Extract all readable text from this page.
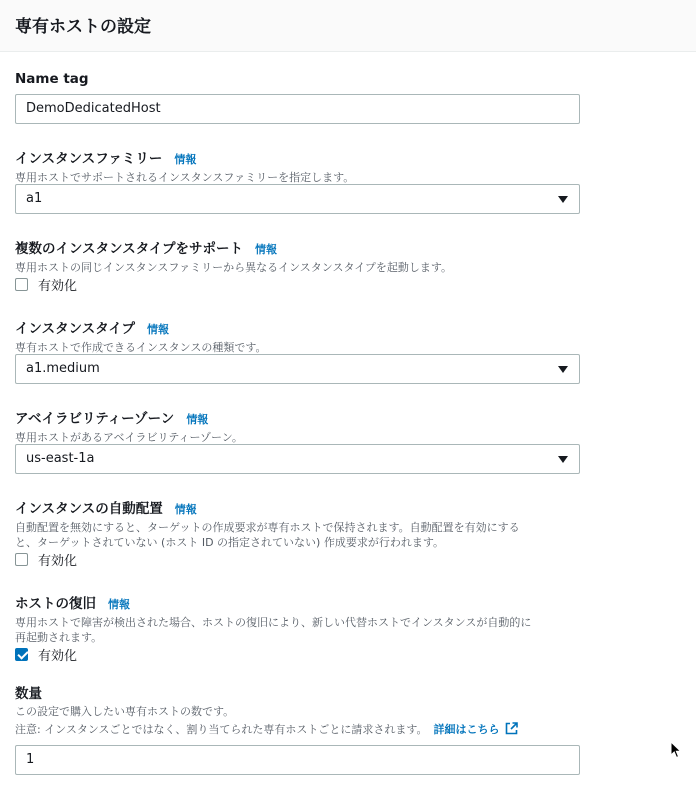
専有ホストの設定
Name tag
DemoDedicatedHost
インスタンスファミリー 情報
専用ホストでサポートされるインスタンスファミリーを指定します。
a1
複数のインスタンスタイプをサポート 情報
専用ホストの同じインスタンスファミリーから異なるインスタンスタイプを起動します。
有効化
インスタンスタイプ 情報
専有ホストで作成できるインスタンスの種類です。
a1.medium
アベイラビリティーゾーン 情報
専用ホストがあるアベイラビリティーゾーン。
us-east-1a
インスタンスの自動配置 情報
自動配置を無効にすると、ターゲットの作成要求が専有ホストで保持されます。自動配置を有効にする
と、ターゲットされていない (ホスト ID の指定されていない) 作成要求が行われます。
有効化
ホストの復旧 情報
専用ホストで障害が検出された場合、ホストの復旧により、新しい代替ホストでインスタンスが自動的に
再起動されます。
有効化
数量
この設定で購入したい専有ホストの数です。
注意: インスタンスごとではなく、割り当てられた専有ホストごとに請求されます。 詳細はこちら
1
